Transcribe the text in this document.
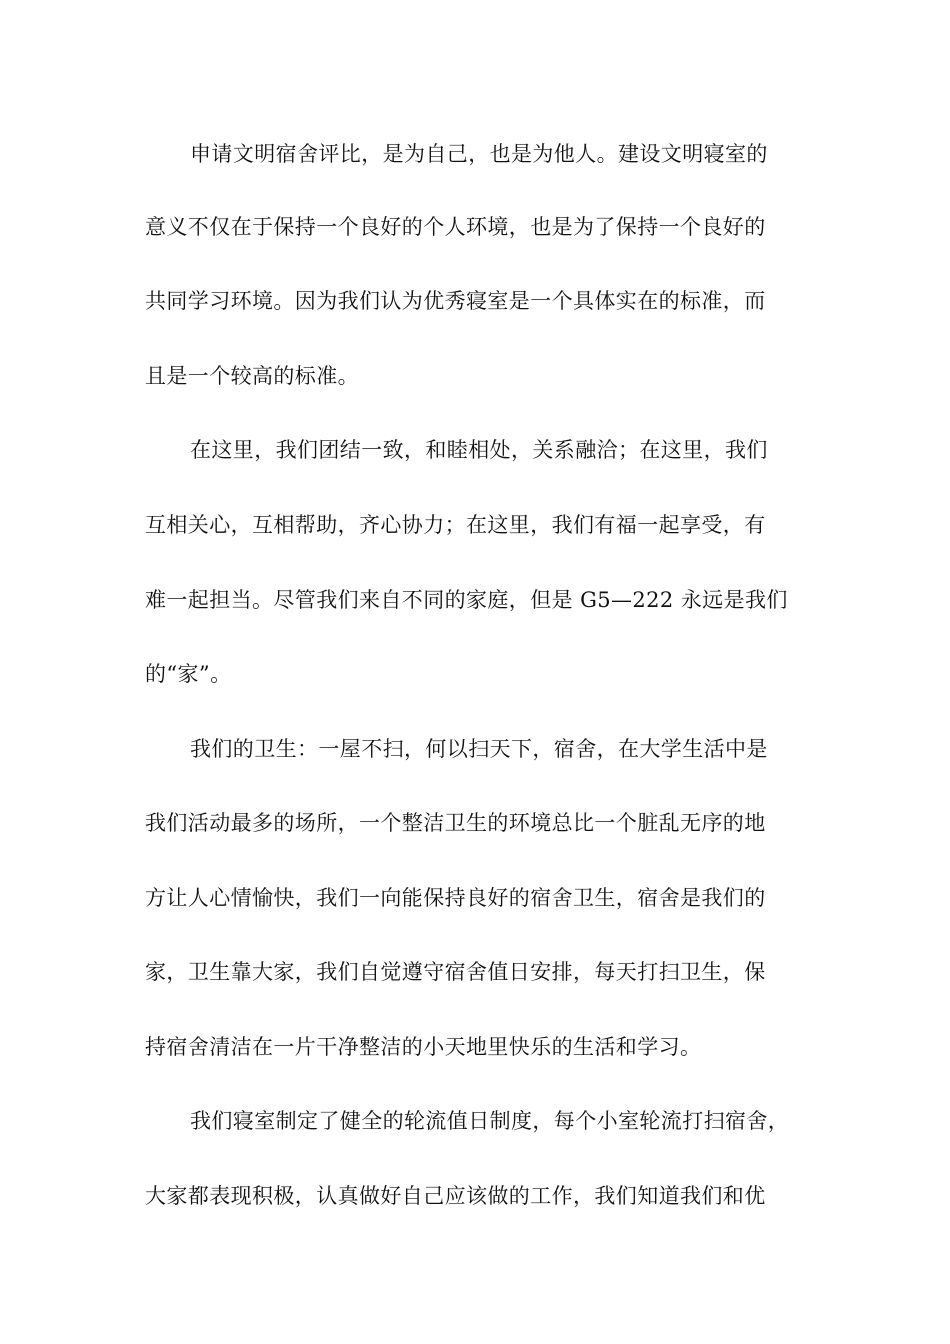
申请文明宿舍评比，是为自己，也是为他人。建设文明寝室的
意义不仅在于保持一个良好的个人环境，也是为了保持一个良好的
共同学习环境。因为我们认为优秀寝室是一个具体实在的标准，而
且是一个较高的标准。
在这里，我们团结一致，和睦相处，关系融洽；在这里，我们
互相关心，互相帮助，齐心协力；在这里，我们有福一起享受，有
难一起担当。尽管我们来自不同的家庭，但是 G5—222 永远是我们
的“家”。
我们的卫生：一屋不扫，何以扫天下，宿舍，在大学生活中是
我们活动最多的场所，一个整洁卫生的环境总比一个脏乱无序的地
方让人心情愉快，我们一向能保持良好的宿舍卫生，宿舍是我们的
家，卫生靠大家，我们自觉遵守宿舍值日安排，每天打扫卫生，保
持宿舍清洁在一片干净整洁的小天地里快乐的生活和学习。
我们寝室制定了健全的轮流值日制度，每个小室轮流打扫宿舍，
大家都表现积极，认真做好自己应该做的工作，我们知道我们和优
